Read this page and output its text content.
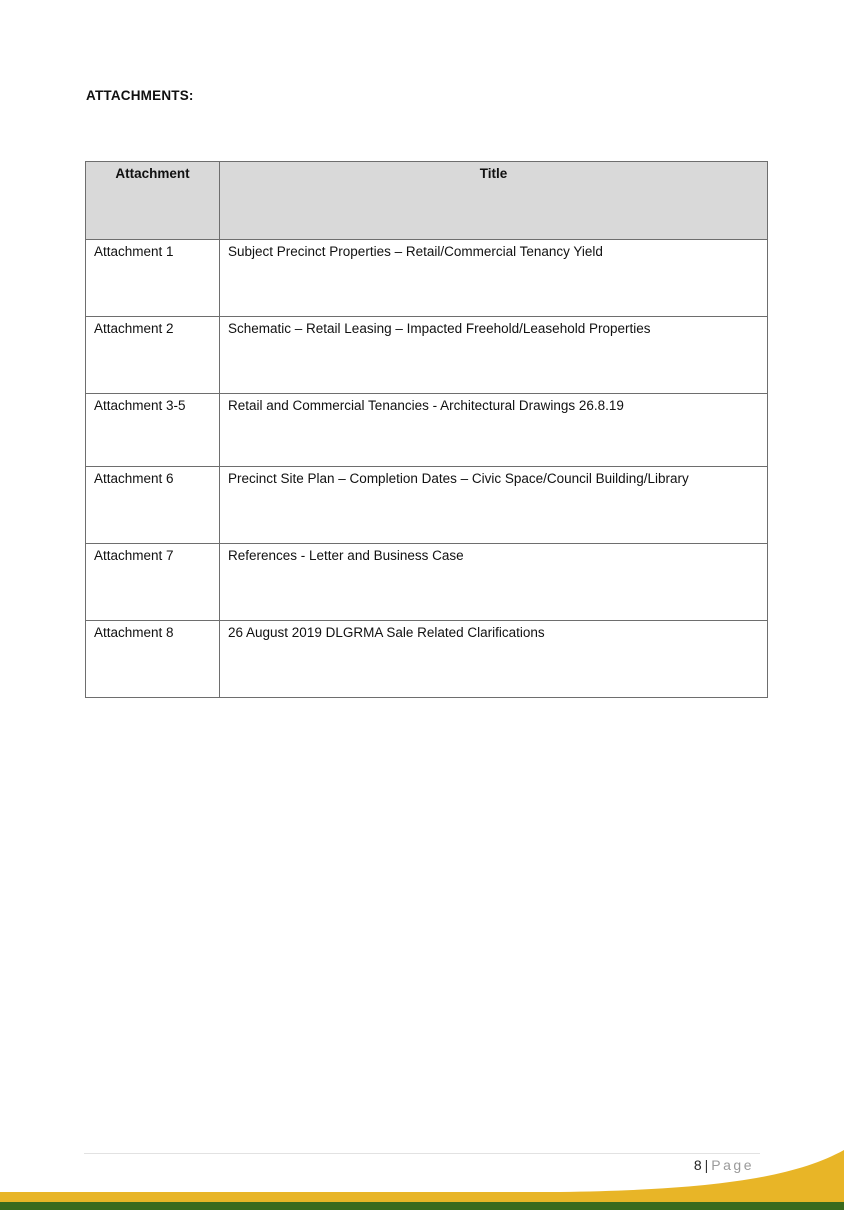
ATTACHMENTS:
Attachment	Title
Attachment 1	Subject Precinct Properties – Retail/Commercial Tenancy Yield
Attachment 2	Schematic – Retail Leasing – Impacted Freehold/Leasehold Properties
Attachment 3-5	Retail and Commercial Tenancies - Architectural Drawings 26.8.19
Attachment 6	Precinct Site Plan – Completion Dates – Civic Space/Council Building/Library
Attachment 7	References - Letter and Business Case
Attachment 8	26 August 2019 DLGRMA Sale Related Clarifications
8 | Page
